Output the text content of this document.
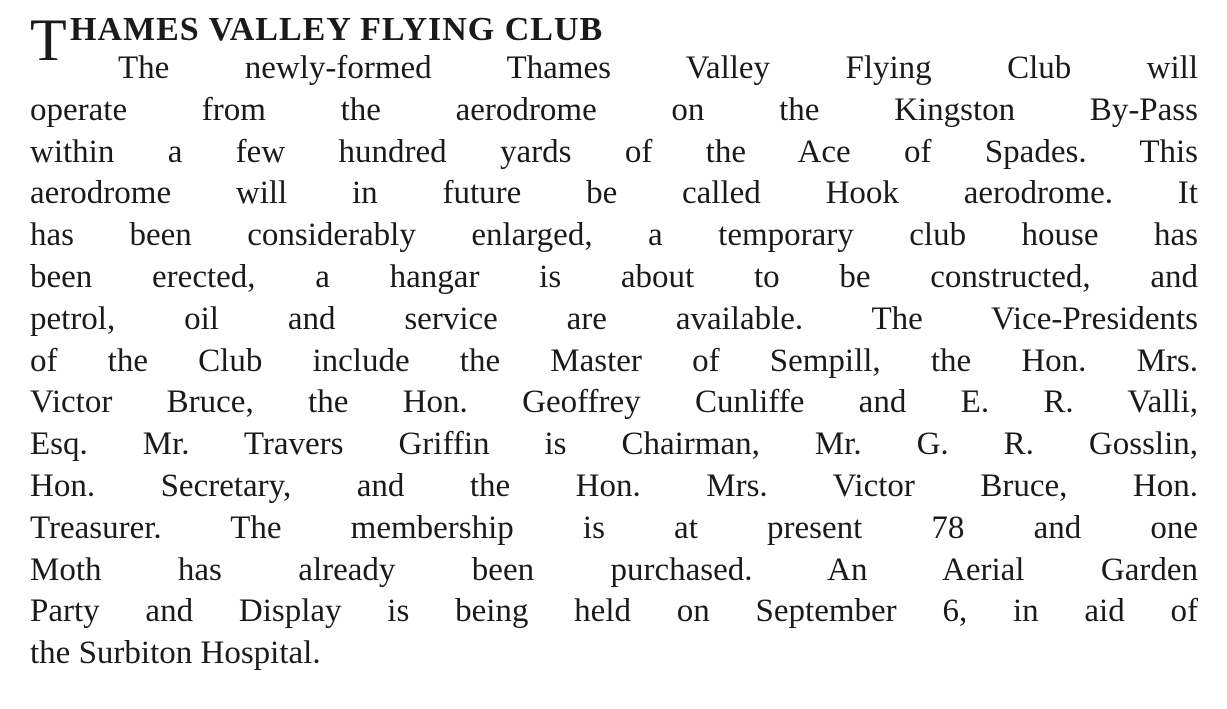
T HAMES VALLEY FLYING CLUB
The newly-formed Thames Valley Flying Club will
operate from the aerodrome on the Kingston By-Pass
within a few hundred yards of the Ace of Spades. This
aerodrome will in future be called Hook aerodrome. It
has been considerably enlarged, a temporary club house has
been erected, a hangar is about to be constructed, and
petrol, oil and service are available. The Vice-Presidents
of the Club include the Master of Sempill, the Hon. Mrs.
Victor Bruce, the Hon. Geoffrey Cunliffe and E. R. Valli,
Esq. Mr. Travers Griffin is Chairman, Mr. G. R. Gosslin,
Hon. Secretary, and the Hon. Mrs. Victor Bruce, Hon.
Treasurer. The membership is at present 78 and one
Moth has already been purchased. An Aerial Garden
Party and Display is being held on September 6, in aid of
the Surbiton Hospital.
